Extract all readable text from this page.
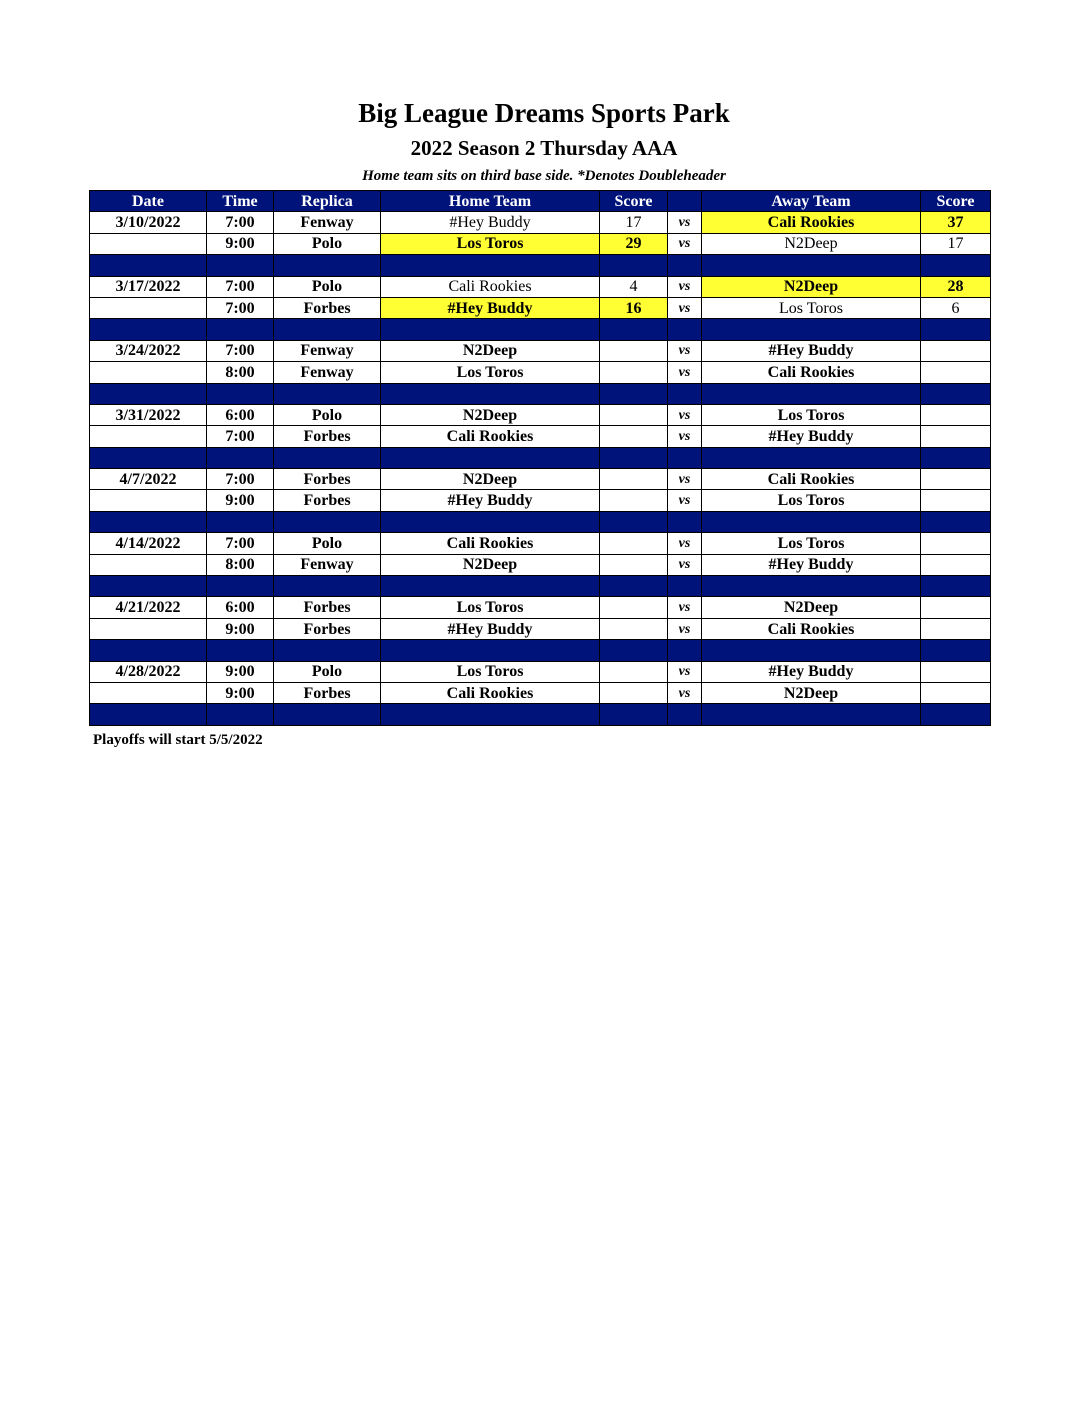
Big League Dreams Sports Park
2022 Season 2 Thursday AAA
Home team sits on third base side. *Denotes Doubleheader
Date	Time	Replica	Home Team	Score		Away Team	Score
3/10/2022	7:00	Fenway	#Hey Buddy	17	vs	Cali Rookies	37
	9:00	Polo	Los Toros	29	vs	N2Deep	17

3/17/2022	7:00	Polo	Cali Rookies	4	vs	N2Deep	28
	7:00	Forbes	#Hey Buddy	16	vs	Los Toros	6

3/24/2022	7:00	Fenway	N2Deep		vs	#Hey Buddy	
	8:00	Fenway	Los Toros		vs	Cali Rookies	

3/31/2022	6:00	Polo	N2Deep		vs	Los Toros	
	7:00	Forbes	Cali Rookies		vs	#Hey Buddy	

4/7/2022	7:00	Forbes	N2Deep		vs	Cali Rookies	
	9:00	Forbes	#Hey Buddy		vs	Los Toros	

4/14/2022	7:00	Polo	Cali Rookies		vs	Los Toros	
	8:00	Fenway	N2Deep		vs	#Hey Buddy	

4/21/2022	6:00	Forbes	Los Toros		vs	N2Deep	
	9:00	Forbes	#Hey Buddy		vs	Cali Rookies	

4/28/2022	9:00	Polo	Los Toros		vs	#Hey Buddy	
	9:00	Forbes	Cali Rookies		vs	N2Deep	

Playoffs will start 5/5/2022
